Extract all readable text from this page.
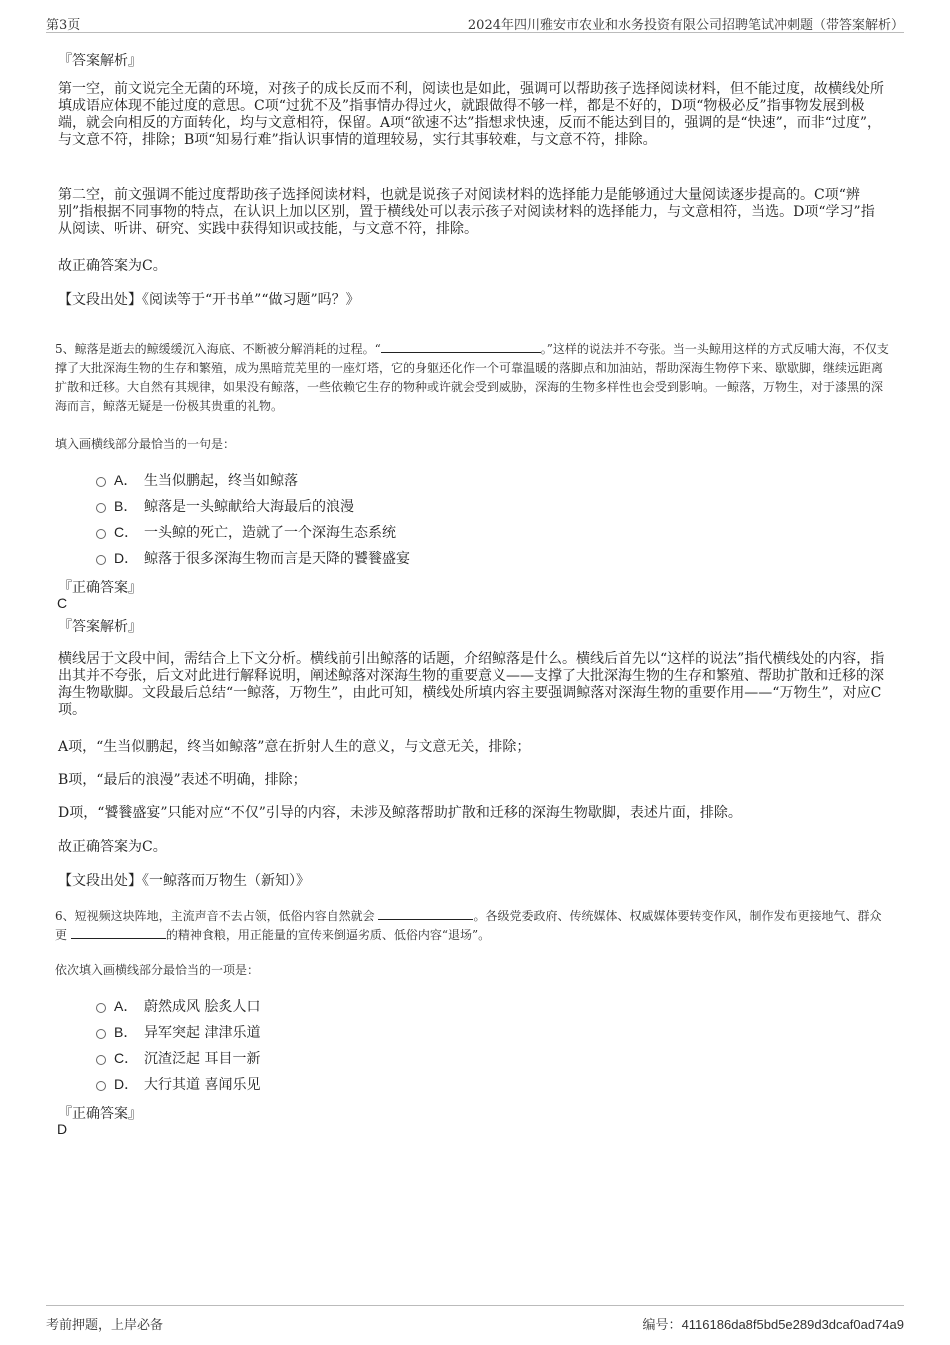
第3页	2024年四川雅安市农业和水务投资有限公司招聘笔试冲刺题（带答案解析）
『答案解析』
第一空，前文说完全无菌的环境，对孩子的成长反而不利，阅读也是如此，强调可以帮助孩子选择阅读材料，但不能过度，故横线处所填成语应体现不能过度的意思。C项“过犹不及”指事情办得过火，就跟做得不够一样，都是不好的，D项“物极必反”指事物发展到极端，就会向相反的方面转化，均与文意相符，保留。A项“欲速不达”指想求快速，反而不能达到目的，强调的是“快速”，而非“过度”，与文意不符，排除；B项“知易行难”指认识事情的道理较易，实行其事较难，与文意不符，排除。
第二空，前文强调不能过度帮助孩子选择阅读材料，也就是说孩子对阅读材料的选择能力是能够通过大量阅读逐步提高的。C项“辨别”指根据不同事物的特点，在认识上加以区别，置于横线处可以表示孩子对阅读材料的选择能力，与文意相符，当选。D项“学习”指从阅读、听讲、研究、实践中获得知识或技能，与文意不符，排除。
故正确答案为C。
【文段出处】《阅读等于“开书单”“做习题”吗？》
5、鲸落是逝去的鲸缓缓沉入海底、不断被分解消耗的过程。“	。”这样的说法并不夸张。当一头鲸用这样的方式反哺大海，不仅支撑了大批深海生物的生存和繁殖，成为黑暗荒芜里的一座灯塔，它的身躯还化作一个可靠温暖的落脚点和加油站，帮助深海生物停下来、歇歇脚，继续远距离扩散和迁移。大自然有其规律，如果没有鲸落，一些依赖它生存的物种或许就会受到威胁，深海的生物多样性也会受到影响。一鲸落，万物生，对于漆黑的深海而言，鲸落无疑是一份极其贵重的礼物。
填入画横线部分最恰当的一句是：
A． 生当似鹏起，终当如鲸落
B． 鲸落是一头鲸献给大海最后的浪漫
C． 一头鲸的死亡，造就了一个深海生态系统
D． 鲸落于很多深海生物而言是天降的饕餮盛宴
『正确答案』
C
『答案解析』
横线居于文段中间，需结合上下文分析。横线前引出鲸落的话题，介绍鲸落是什么。横线后首先以“这样的说法”指代横线处的内容，指出其并不夸张，后文对此进行解释说明，阐述鲸落对深海生物的重要意义——支撑了大批深海生物的生存和繁殖、帮助扩散和迁移的深海生物歇脚。文段最后总结“一鲸落，万物生”，由此可知，横线处所填内容主要强调鲸落对深海生物的重要作用——“万物生”，对应C项。
A项，“生当似鹏起，终当如鲸落”意在折射人生的意义，与文意无关，排除；
B项，“最后的浪漫”表述不明确，排除；
D项，“饕餮盛宴”只能对应“不仅”引导的内容，未涉及鲸落帮助扩散和迁移的深海生物歇脚，表述片面，排除。
故正确答案为C。
【文段出处】《一鲸落而万物生（新知）》
6、短视频这块阵地，主流声音不去占领，低俗内容自然就会	。各级党委政府、传统媒体、权威媒体要转变作风，制作发布更接地气、群众更	的精神食粮，用正能量的宣传来倒逼劣质、低俗内容“退场”。
依次填入画横线部分最恰当的一项是：
A． 蔚然成风 脍炙人口
B． 异军突起 津津乐道
C． 沉渣泛起 耳目一新
D． 大行其道 喜闻乐见
『正确答案』
D
考前押题，上岸必备	编号：4116186da8f5bd5e289d3dcaf0ad74a9
